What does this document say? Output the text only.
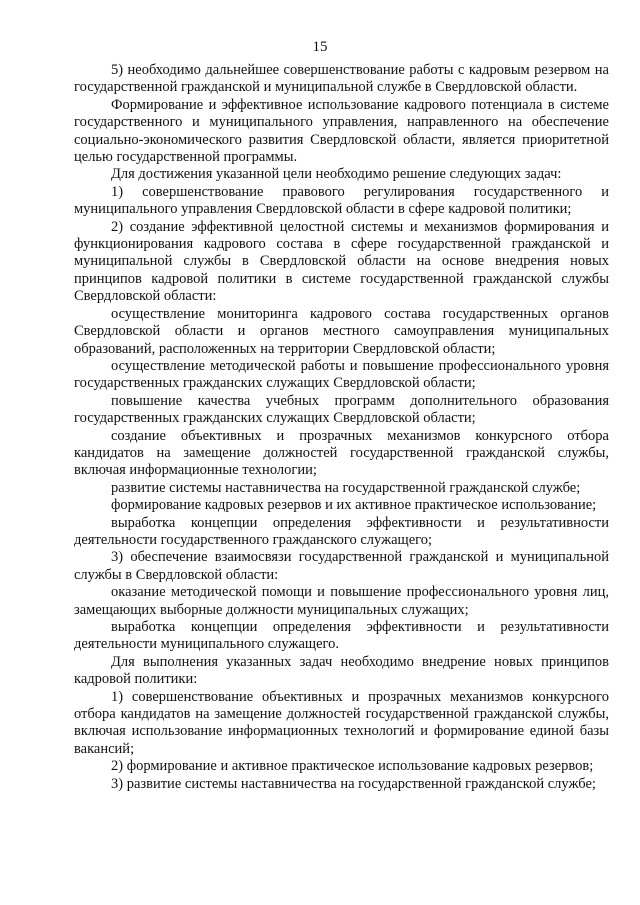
15

5) необходимо дальнейшее совершенствование работы с кадровым резервом на государственной гражданской и муниципальной службе в Свердловской области.

Формирование и эффективное использование кадрового потенциала в системе государственного и муниципального управления, направленного на обеспечение социально-экономического развития Свердловской области, является приоритетной целью государственной программы.

Для достижения указанной цели необходимо решение следующих задач:

1) совершенствование правового регулирования государственного и муниципального управления Свердловской области в сфере кадровой политики;

2) создание эффективной целостной системы и механизмов формирования и функционирования кадрового состава в сфере государственной гражданской и муниципальной службы в Свердловской области на основе внедрения новых принципов кадровой политики в системе государственной гражданской службы Свердловской области:

осуществление мониторинга кадрового состава государственных органов Свердловской области и органов местного самоуправления муниципальных образований, расположенных на территории Свердловской области;

осуществление методической работы и повышение профессионального уровня государственных гражданских служащих Свердловской области;

повышение качества учебных программ дополнительного образования государственных гражданских служащих Свердловской области;

создание объективных и прозрачных механизмов конкурсного отбора кандидатов на замещение должностей государственной гражданской службы, включая информационные технологии;

развитие системы наставничества на государственной гражданской службе;

формирование кадровых резервов и их активное практическое использование;

выработка концепции определения эффективности и результативности деятельности государственного гражданского служащего;

3) обеспечение взаимосвязи государственной гражданской и муниципальной службы в Свердловской области:

оказание методической помощи и повышение профессионального уровня лиц, замещающих выборные должности муниципальных служащих;

выработка концепции определения эффективности и результативности деятельности муниципального служащего.

Для выполнения указанных задач необходимо внедрение новых принципов кадровой политики:

1) совершенствование объективных и прозрачных механизмов конкурсного отбора кандидатов на замещение должностей государственной гражданской службы, включая использование информационных технологий и формирование единой базы вакансий;

2) формирование и активное практическое использование кадровых резервов;

3) развитие системы наставничества на государственной гражданской службе;
